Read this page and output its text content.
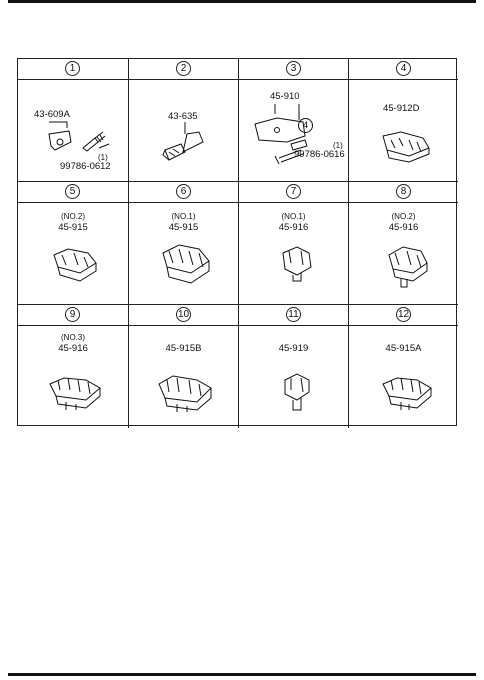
1
43-609A
(1)
99786-0612
2
43-635
3
45-910
4
(1)
99786-0616
4
45-912D
5
(NO.2)
45-915
6
(NO.1)
45-915
7
(NO.1)
45-916
8
(NO.2)
45-916
9
(NO.3)
45-916
10
45-915B
11
45-919
12
45-915A
